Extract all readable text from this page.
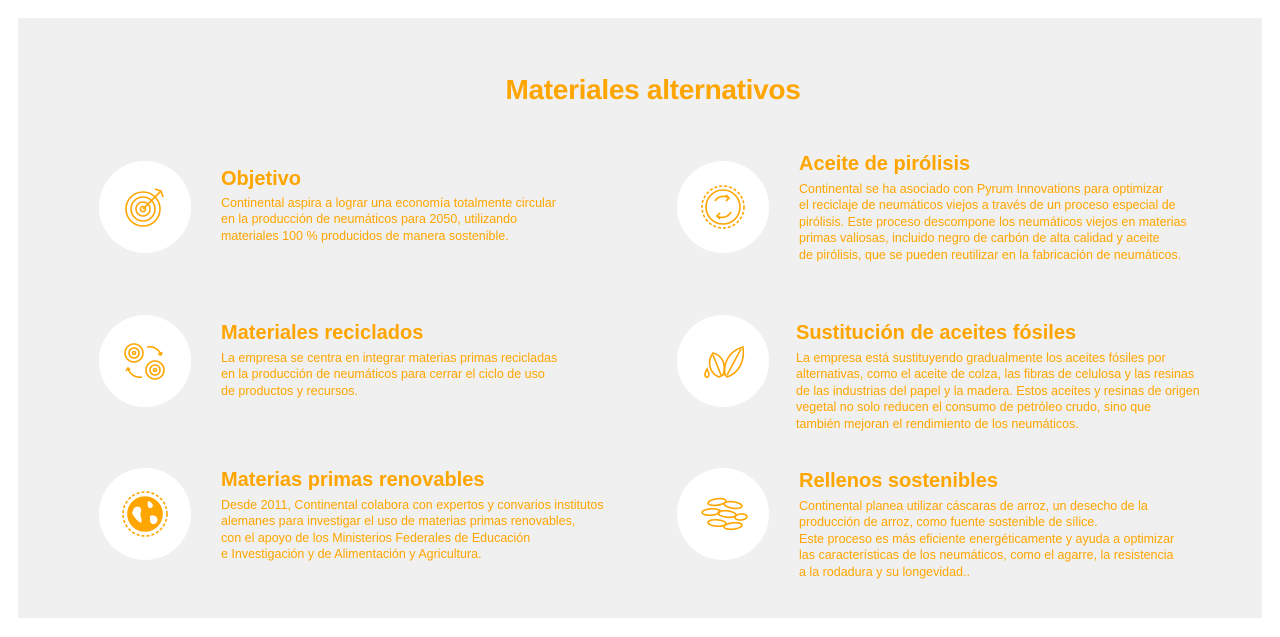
Materiales alternativos
Objetivo
Continental aspira a lograr una economía totalmente circular
en la producción de neumáticos para 2050, utilizando
materiales 100 % producidos de manera sostenible.
Aceite de pirólisis
Continental se ha asociado con Pyrum Innovations para optimizar
el reciclaje de neumáticos viejos a través de un proceso especial de
pirólisis. Este proceso descompone los neumáticos viejos en materias
primas valiosas, incluido negro de carbón de alta calidad y aceite
de pirólisis, que se pueden reutilizar en la fabricación de neumáticos.
Materiales reciclados
La empresa se centra en integrar materias primas recicladas
en la producción de neumáticos para cerrar el ciclo de uso
de productos y recursos.
Sustitución de aceites fósiles
La empresa está sustituyendo gradualmente los aceites fósiles por
alternativas, como el aceite de colza, las fibras de celulosa y las resinas
de las industrias del papel y la madera. Estos aceites y resinas de origen
vegetal no solo reducen el consumo de petróleo crudo, sino que
también mejoran el rendimiento de los neumáticos.
Materias primas renovables
Desde 2011, Continental colabora con expertos y convarios institutos
alemanes para investigar el uso de materias primas renovables,
con el apoyo de los Ministerios Federales de Educación
e Investigación y de Alimentación y Agricultura.
Rellenos sostenibles
Continental planea utilizar cáscaras de arroz, un desecho de la
producción de arroz, como fuente sostenible de sílice.
Este proceso es más eficiente energéticamente y ayuda a optimizar
las características de los neumáticos, como el agarre, la resistencia
a la rodadura y su longevidad..
